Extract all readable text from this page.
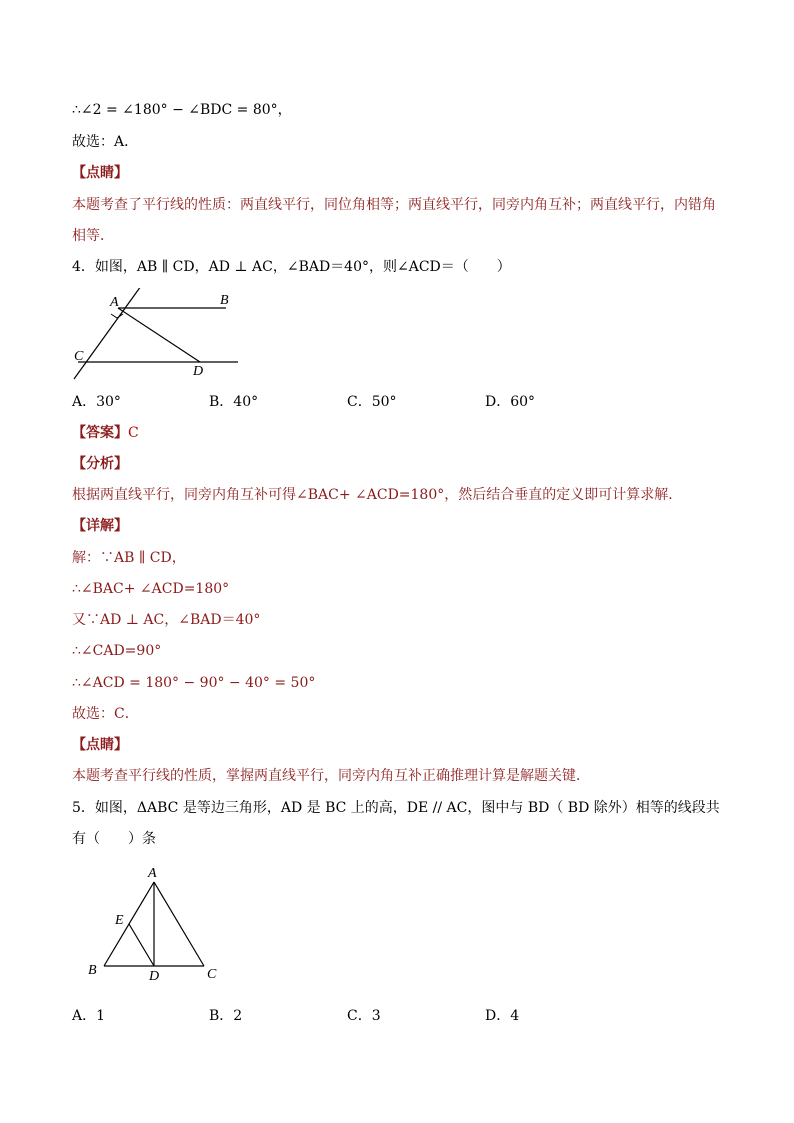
∴∠2 = ∠180° − ∠BDC = 80°，
故选：A．
【点睛】
本题考查了平行线的性质：两直线平行，同位角相等；两直线平行，同旁内角互补；两直线平行，内错角
相等．
4．如图，AB ∥ CD，AD ⊥ AC，∠BAD＝40°，则∠ACD＝（　　）
A	B
C
D
A．30°	B．40°	C．50°	D．60°
【答案】C
【分析】
根据两直线平行，同旁内角互补可得∠BAC+ ∠ACD=180°，然后结合垂直的定义即可计算求解．
【详解】
解：∵AB ∥ CD，
∴∠BAC+ ∠ACD=180°
又∵AD ⊥ AC，∠BAD＝40°
∴∠CAD=90°
∴∠ACD = 180° − 90° − 40° = 50°
故选：C．
【点睛】
本题考查平行线的性质，掌握两直线平行，同旁内角互补正确推理计算是解题关键．
5．如图，ΔABC 是等边三角形，AD 是 BC 上的高，DE // AC，图中与 BD（ BD 除外）相等的线段共
有（　　）条
A
B	C
D
E
A．1	B．2	C．3	D．4
